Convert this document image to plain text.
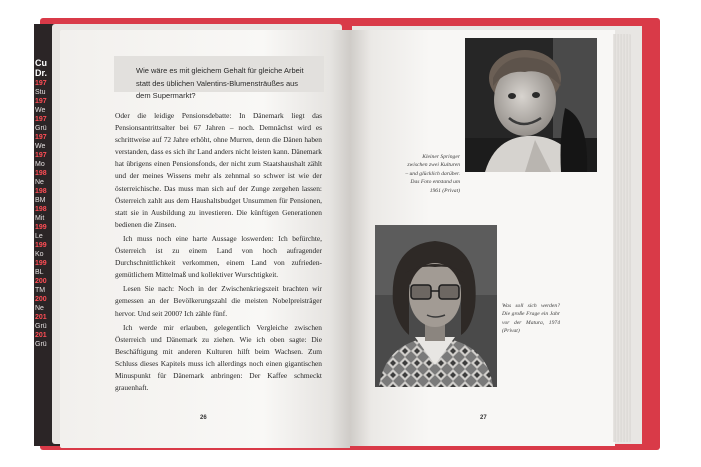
Cu
Dr.
197
Stu
197
We
197
Grü
197
We
197
Mo
198
Ne
198
BM
198
Mit
199
Le
199
Ko
199
BL
200
TM
200
Ne
201
Grü
201
Grü
Wie wäre es mit gleichem Gehalt für gleiche Arbeit statt des üblichen Valentins-Blumensträußes aus dem Supermarkt?

Oder die leidige Pensionsdebatte: In Dänemark liegt das Pensionsantrittsalter bei 67 Jahren – noch. Demnächst wird es schrittweise auf 72 Jahre erhöht, ohne Murren, denn die Dänen haben verstanden, dass es sich ihr Land anders nicht leisten kann. Dänemark hat übrigens einen Pensionsfonds, der nicht zum Staatshaushalt zählt und der meines Wissens mehr als zehnmal so schwer ist wie der österreichische. Das muss man sich auf der Zunge zergehen lassen: Österreich zahlt aus dem Haushaltsbudget Unsummen für Pensionen, statt sie in Ausbildung zu investieren. Die künftigen Generationen bedienen die Zinsen.

Ich muss noch eine harte Aussage loswerden: Ich befürchte, Österreich ist zu einem Land von hoch aufragender Durchschnittlichkeit verkommen, einem Land von zufrieden-gemütlichem Mittelmaß und kollektiver Wurschtigkeit.

Lesen Sie nach: Noch in der Zwischenkriegszeit brachten wir gemessen an der Bevölkerungszahl die meisten Nobelpreisträger hervor. Und seit 2000? Ich zähle fünf.

Ich werde mir erlauben, gelegentlich Vergleiche zwischen Österreich und Dänemark zu ziehen. Wie ich oben sagte: Die Beschäftigung mit anderen Kulturen hilft beim Wachsen. Zum Schluss dieses Kapitels muss ich allerdings noch einen gigantischen Minuspunkt für Dänemark anbringen: Der Kaffee schmeckt grauenhaft.

26
Kleiner Springer zwischen zwei Kulturen – und glücklich darüber. Das Foto entstand um 1961 (Privat)
Was soll sich werden? Die große Frage ein Jahr vor der Matura, 1974 (Privat)
27
